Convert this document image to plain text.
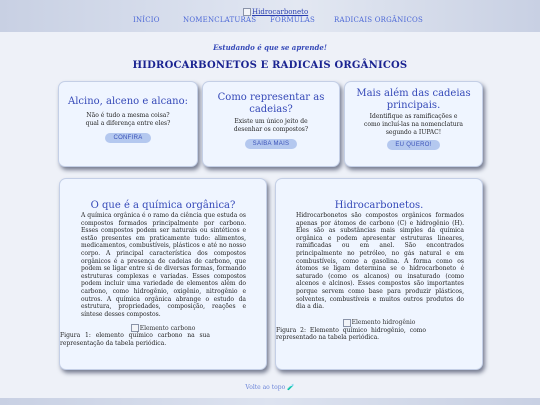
Hidrocarboneto
INÍCIO	NOMENCLATURAS FÓRMULAS	RADICAIS ORGÂNICOS
Estudando é que se aprende!
HIDROCARBONETOS E RADICAIS ORGÂNICOS
Alcino, alceno e alcano:

Não é tudo a mesma coisa? qual a diferença entre eles?

CONFIRA
Como representar as cadeias?

Existe um único jeito de desenhar os compostos?

SAIBA MAIS
Mais além das cadeias principais.

Identifique as ramificações e como incluí-las na nomenclatura segundo a IUPAC!

EU QUERO!
O que é a química orgânica?

A química orgânica é o ramo da ciência que estuda os compostos formados principalmente por carbono. Esses compostos podem ser naturais ou sintéticos e estão presentes em praticamente tudo: alimentos, medicamentos, combustíveis, plásticos e até no nosso corpo. A principal característica dos compostos orgânicos é a presença de cadeias de carbono, que podem se ligar entre si de diversas formas, formando estruturas complexas e variadas. Esses compostos podem incluir uma variedade de elementos além do carbono, como hidrogênio, oxigênio, nitrogênio e outros. A química orgânica abrange o estudo da estrutura, propriedades, composição, reações e síntese desses compostos.

Elemento carbono

Figura 1: elemento químico carbono na sua representação da tabela periódica.

Hidrocarbonetos.

Hidrocarbonetos são compostos orgânicos formados apenas por átomos de carbono (C) e hidrogênio (H). Eles são as substâncias mais simples da química orgânica e podem apresentar estruturas lineares, ramificadas ou em anel. São encontrados principalmente no petróleo, no gás natural e em combustíveis, como a gasolina. A forma como os átomos se ligam determina se o hidrocarboneto é saturado (como os alcanos) ou insaturado (como alcenos e alcinos). Esses compostos são importantes porque servem como base para produzir plásticos, solventes, combustíveis e muitos outros produtos do dia a dia.

Elemento hidrogênio

Figura 2: Elemento químico hidrogênio, como representado na tabela periódica.

Volte ao topo 🧪
